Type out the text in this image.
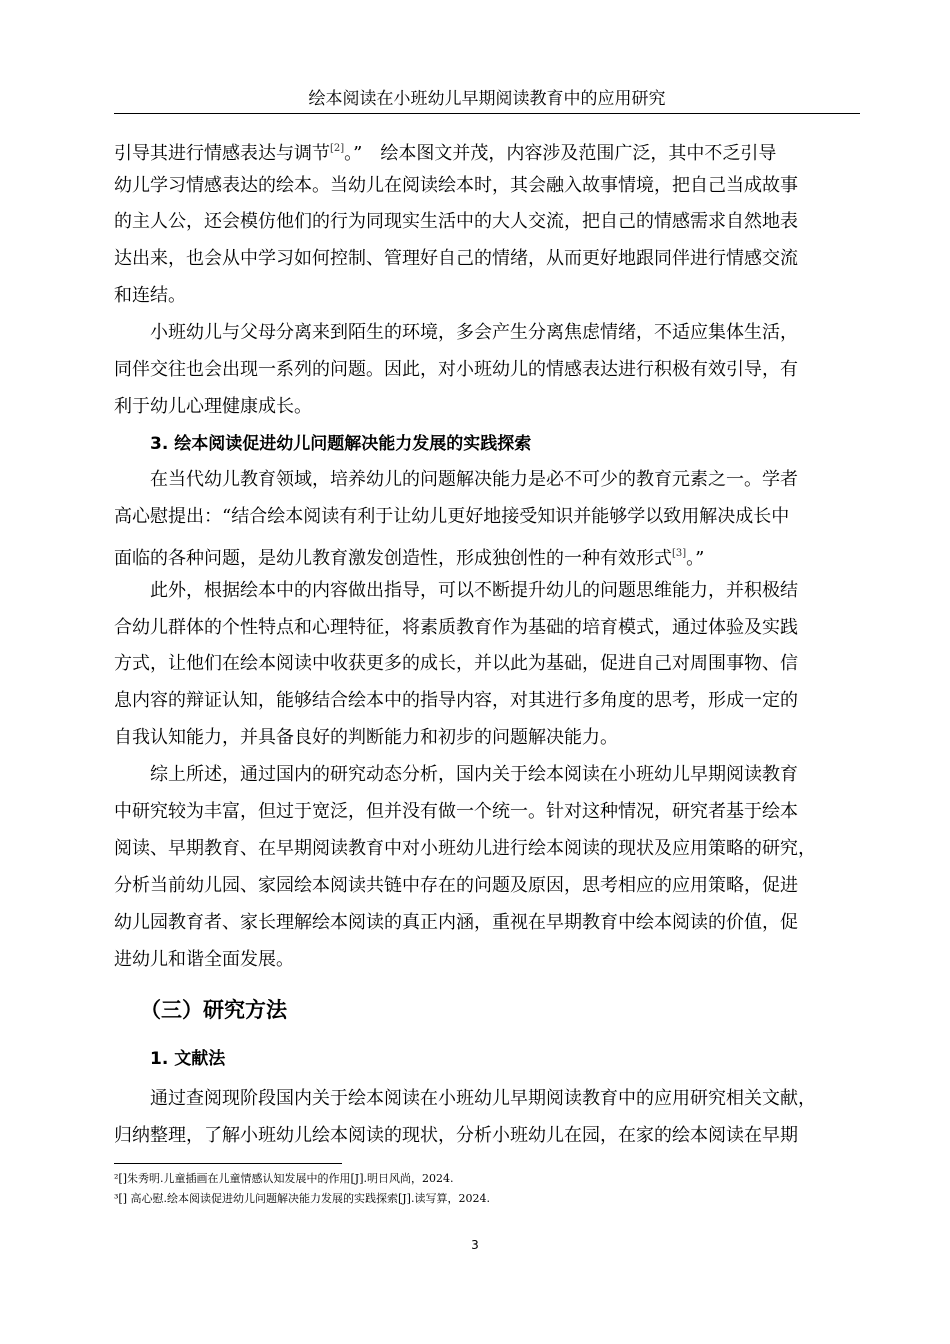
绘本阅读在小班幼儿早期阅读教育中的应用研究
引导其进行情感表达与调节[2]。”　绘本图文并茂，内容涉及范围广泛，其中不乏引导
幼儿学习情感表达的绘本。当幼儿在阅读绘本时，其会融入故事情境，把自己当成故事
的主人公，还会模仿他们的行为同现实生活中的大人交流，把自己的情感需求自然地表
达出来，也会从中学习如何控制、管理好自己的情绪，从而更好地跟同伴进行情感交流
和连结。
小班幼儿与父母分离来到陌生的环境，多会产生分离焦虑情绪，不适应集体生活，
同伴交往也会出现一系列的问题。因此，对小班幼儿的情感表达进行积极有效引导，有
利于幼儿心理健康成长。
3. 绘本阅读促进幼儿问题解决能力发展的实践探索
在当代幼儿教育领域，培养幼儿的问题解决能力是必不可少的教育元素之一。学者
高心慰提出：“结合绘本阅读有利于让幼儿更好地接受知识并能够学以致用解决成长中
面临的各种问题，是幼儿教育激发创造性，形成独创性的一种有效形式[3]。”
此外，根据绘本中的内容做出指导，可以不断提升幼儿的问题思维能力，并积极结
合幼儿群体的个性特点和心理特征，将素质教育作为基础的培育模式，通过体验及实践
方式，让他们在绘本阅读中收获更多的成长，并以此为基础，促进自己对周围事物、信
息内容的辩证认知，能够结合绘本中的指导内容，对其进行多角度的思考，形成一定的
自我认知能力，并具备良好的判断能力和初步的问题解决能力。
综上所述，通过国内的研究动态分析，国内关于绘本阅读在小班幼儿早期阅读教育
中研究较为丰富，但过于宽泛，但并没有做一个统一。针对这种情况，研究者基于绘本
阅读、早期教育、在早期阅读教育中对小班幼儿进行绘本阅读的现状及应用策略的研究，
分析当前幼儿园、家园绘本阅读共链中存在的问题及原因，思考相应的应用策略，促进
幼儿园教育者、家长理解绘本阅读的真正内涵，重视在早期教育中绘本阅读的价值，促
进幼儿和谐全面发展。
（三）研究方法
1. 文献法
通过查阅现阶段国内关于绘本阅读在小班幼儿早期阅读教育中的应用研究相关文献，
归纳整理，了解小班幼儿绘本阅读的现状，分析小班幼儿在园，在家的绘本阅读在早期
²[]朱秀明.儿童插画在儿童情感认知发展中的作用[J].明日风尚，2024.
³[] 高心慰.绘本阅读促进幼儿问题解决能力发展的实践探索[J].读写算，2024.
3
